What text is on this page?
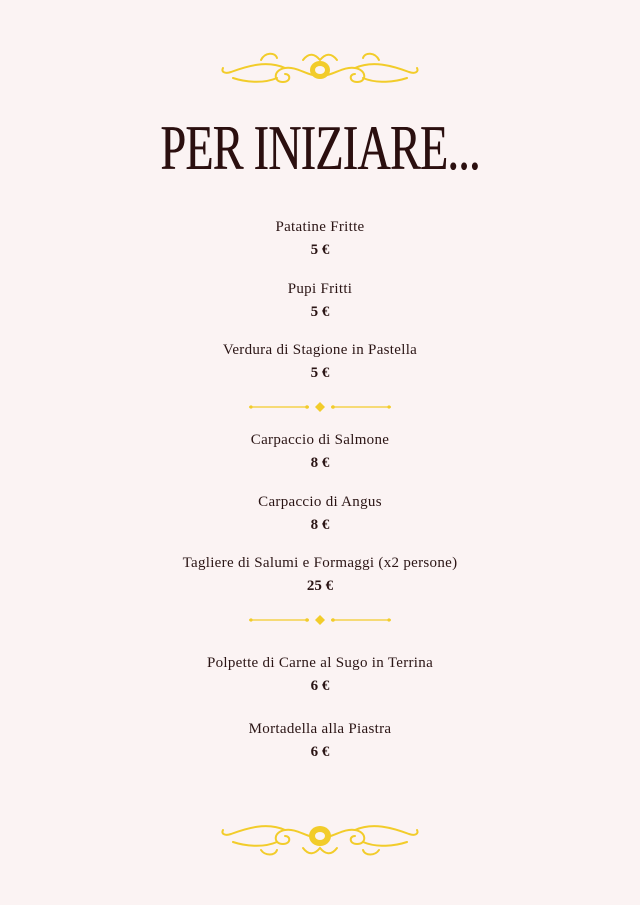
PER INIZIARE...
Patatine Fritte
5 €
Pupi Fritti
5 €
Verdura di Stagione in Pastella
5 €
Carpaccio di Salmone
8 €
Carpaccio di Angus
8 €
Tagliere di Salumi e Formaggi (x2 persone)
25 €
Polpette di Carne al Sugo in Terrina
6 €
Mortadella alla Piastra
6 €
